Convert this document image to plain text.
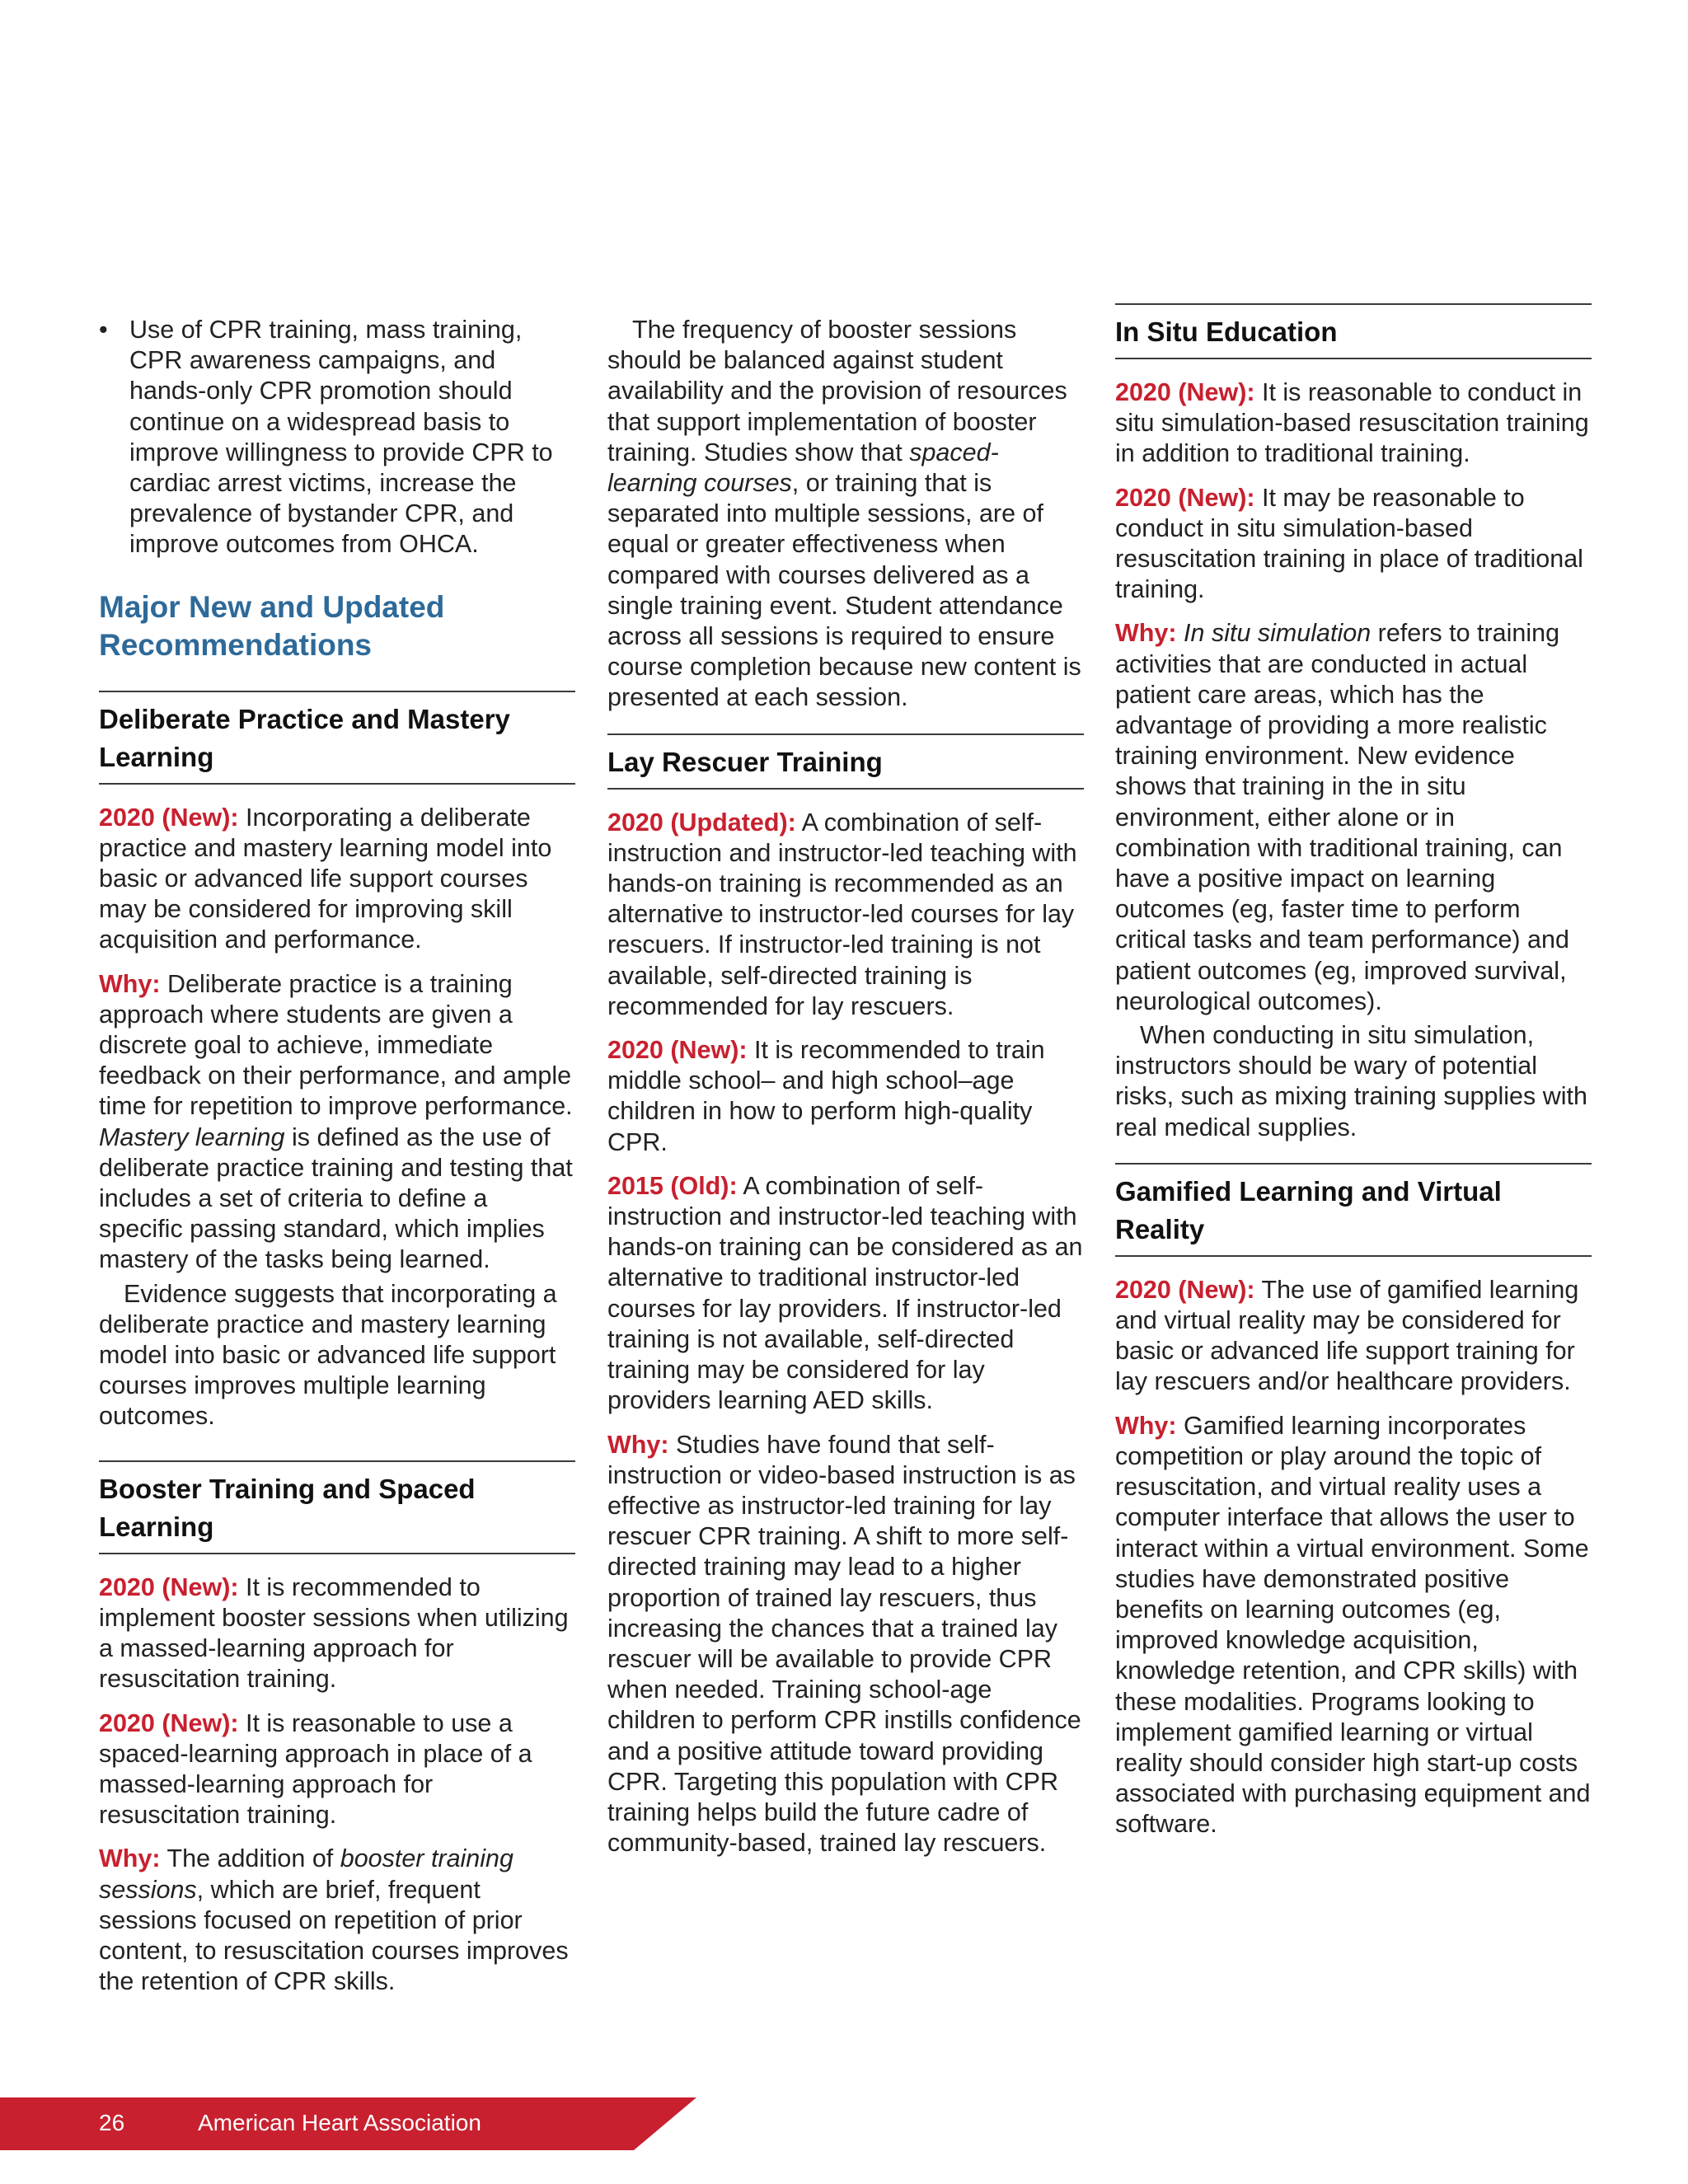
• Use of CPR training, mass training, CPR awareness campaigns, and hands-only CPR promotion should continue on a widespread basis to improve willingness to provide CPR to cardiac arrest victims, increase the prevalence of bystander CPR, and improve outcomes from OHCA.
Major New and Updated Recommendations
Deliberate Practice and Mastery Learning

2020 (New): Incorporating a deliberate practice and mastery learning model into basic or advanced life support courses may be considered for improving skill acquisition and performance.

Why: Deliberate practice is a training approach where students are given a discrete goal to achieve, immediate feedback on their performance, and ample time for repetition to improve performance. Mastery learning is defined as the use of deliberate practice training and testing that includes a set of criteria to define a specific passing standard, which implies mastery of the tasks being learned.

Evidence suggests that incorporating a deliberate practice and mastery learning model into basic or advanced life support courses improves multiple learning outcomes.

Booster Training and Spaced Learning

2020 (New): It is recommended to implement booster sessions when utilizing a massed-learning approach for resuscitation training.

2020 (New): It is reasonable to use a spaced-learning approach in place of a massed-learning approach for resuscitation training.

Why: The addition of booster training sessions, which are brief, frequent sessions focused on repetition of prior content, to resuscitation courses improves the retention of CPR skills.

The frequency of booster sessions should be balanced against student availability and the provision of resources that support implementation of booster training. Studies show that spaced-learning courses, or training that is separated into multiple sessions, are of equal or greater effectiveness when compared with courses delivered as a single training event. Student attendance across all sessions is required to ensure course completion because new content is presented at each session.

Lay Rescuer Training

2020 (Updated): A combination of self-instruction and instructor-led teaching with hands-on training is recommended as an alternative to instructor-led courses for lay rescuers. If instructor-led training is not available, self-directed training is recommended for lay rescuers.

2020 (New): It is recommended to train middle school– and high school–age children in how to perform high-quality CPR.

2015 (Old): A combination of self-instruction and instructor-led teaching with hands-on training can be considered as an alternative to traditional instructor-led courses for lay providers. If instructor-led training is not available, self-directed training may be considered for lay providers learning AED skills.

Why: Studies have found that self-instruction or video-based instruction is as effective as instructor-led training for lay rescuer CPR training. A shift to more self-directed training may lead to a higher proportion of trained lay rescuers, thus increasing the chances that a trained lay rescuer will be available to provide CPR when needed. Training school-age children to perform CPR instills confidence and a positive attitude toward providing CPR. Targeting this population with CPR training helps build the future cadre of community-based, trained lay rescuers.

In Situ Education

2020 (New): It is reasonable to conduct in situ simulation-based resuscitation training in addition to traditional training.

2020 (New): It may be reasonable to conduct in situ simulation-based resuscitation training in place of traditional training.

Why: In situ simulation refers to training activities that are conducted in actual patient care areas, which has the advantage of providing a more realistic training environment. New evidence shows that training in the in situ environment, either alone or in combination with traditional training, can have a positive impact on learning outcomes (eg, faster time to perform critical tasks and team performance) and patient outcomes (eg, improved survival, neurological outcomes).

When conducting in situ simulation, instructors should be wary of potential risks, such as mixing training supplies with real medical supplies.

Gamified Learning and Virtual Reality

2020 (New): The use of gamified learning and virtual reality may be considered for basic or advanced life support training for lay rescuers and/or healthcare providers.

Why: Gamified learning incorporates competition or play around the topic of resuscitation, and virtual reality uses a computer interface that allows the user to interact within a virtual environment. Some studies have demonstrated positive benefits on learning outcomes (eg, improved knowledge acquisition, knowledge retention, and CPR skills) with these modalities. Programs looking to implement gamified learning or virtual reality should consider high start-up costs associated with purchasing equipment and software.

26	American Heart Association
